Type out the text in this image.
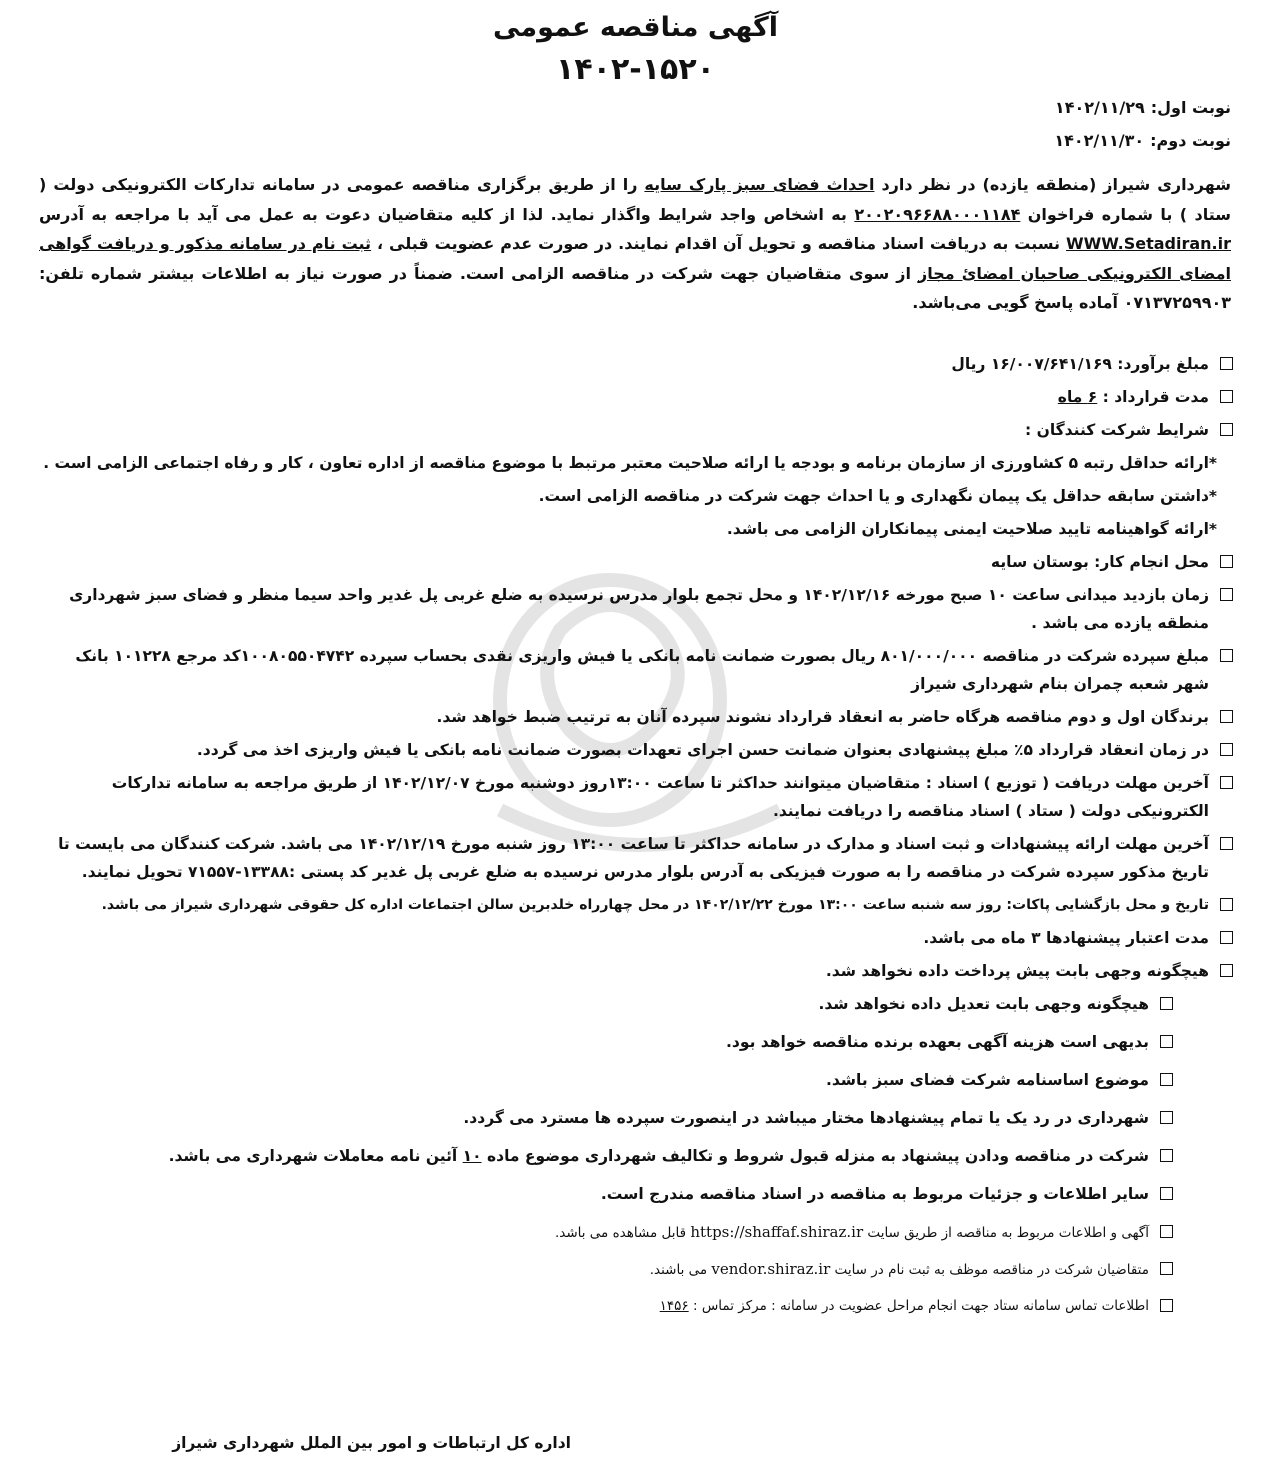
آگهی مناقصه عمومی
۱۴۰۲-۱۵۲۰
نوبت اول:۱۴۰۲/۱۱/۲۹
نوبت دوم:۱۴۰۲/۱۱/۳۰
شهرداری شیراز (منطقه یازده) در نظر دارد احداث فضای سبز پارک سایه را از طریق برگزاری مناقصه عمومی در سامانه تدارکات الکترونیکی دولت ( ستاد ) با شماره فراخوان ۲۰۰۲۰۹۶۶۸۸۰۰۰۱۱۸۴ به اشخاص واجد شرایط واگذار نماید. لذا از کلیه متقاضیان دعوت به عمل می آید با مراجعه به آدرس WWW.Setadiran.ir نسبت به دریافت اسناد مناقصه و تحویل آن اقدام نمایند. در صورت عدم عضویت قبلی ، ثبت نام در سامانه مذکور و دریافت گواهی امضای الکترونیکی صاحبان امضائ مجاز از سوی متقاضیان جهت شرکت در مناقصه الزامی است. ضمناً در صورت نیاز به اطلاعات بیشتر شماره تلفن: ۰۷۱۳۷۲۵۹۹۰۳ آماده پاسخ گویی می‌باشد.
مبلغ برآورد: ۱۶/۰۰۷/۶۴۱/۱۶۹ ریال
مدت قرارداد : ۶ ماه
شرایط شرکت کنندگان :
*ارائه حداقل رتبه ۵ کشاورزی از سازمان برنامه و بودجه یا ارائه صلاحیت معتبر مرتبط با موضوع مناقصه از اداره تعاون ، کار و رفاه اجتماعی الزامی است .
*داشتن سابقه حداقل یک پیمان نگهداری و یا احداث جهت شرکت در مناقصه الزامی است.
*ارائه گواهینامه تایید صلاحیت ایمنی پیمانکاران الزامی می باشد.
محل انجام کار: بوستان سایه
زمان بازدید میدانی ساعت ۱۰ صبح مورخه ۱۴۰۲/۱۲/۱۶ و محل تجمع بلوار مدرس نرسیده به ضلع غربی پل غدیر واحد سیما منظر و فضای سبز شهرداری منطقه یازده می باشد .
مبلغ سپرده شرکت در مناقصه ۸۰۱/۰۰۰/۰۰۰ ریال بصورت ضمانت نامه بانکی یا فیش واریزی نقدی بحساب سپرده ۱۰۰۸۰۵۵۰۴۷۴۲کد مرجع ۱۰۱۲۲۸ بانک شهر شعبه چمران بنام شهرداری شیراز
برندگان اول و دوم مناقصه هرگاه حاضر به انعقاد قرارداد نشوند سپرده آنان به ترتیب ضبط خواهد شد.
در زمان انعقاد قرارداد ۵٪ مبلغ پیشنهادی بعنوان ضمانت حسن اجرای تعهدات بصورت ضمانت نامه بانکی یا فیش واریزی اخذ می گردد.
آخرین مهلت دریافت ( توزیع ) اسناد : متقاضیان میتوانند حداکثر تا ساعت ۱۳:۰۰روز دوشنبه مورخ ۱۴۰۲/۱۲/۰۷ از طریق مراجعه به سامانه تدارکات الکترونیکی دولت ( ستاد ) اسناد مناقصه را دریافت نمایند.
آخرین مهلت ارائه پیشنهادات و ثبت اسناد و مدارک در سامانه حداکثر تا ساعت ۱۳:۰۰ روز شنبه مورخ ۱۴۰۲/۱۲/۱۹ می باشد. شرکت کنندگان می بایست تا تاریخ مذکور سپرده شرکت در مناقصه را به صورت فیزیکی به آدرس بلوار مدرس نرسیده به ضلع غربی پل غدیر کد پستی :۱۳۳۸۸-۷۱۵۵۷ تحویل نمایند.
تاریخ و محل بازگشایی پاکات: روز سه شنبه ساعت ۱۳:۰۰ مورخ ۱۴۰۲/۱۲/۲۲ در محل چهارراه خلدبرین سالن اجتماعات اداره کل حقوقی شهرداری شیراز می باشد.
مدت اعتبار پیشنهادها ۳ ماه می باشد.
هیچگونه وجهی بابت پیش پرداخت داده نخواهد شد.
هیچگونه وجهی بابت تعدیل داده نخواهد شد.
بدیهی است هزینه آگهی بعهده برنده مناقصه خواهد بود.
موضوع اساسنامه شرکت فضای سبز باشد.
شهرداری در رد یک یا تمام پیشنهادها مختار میباشد در اینصورت سپرده ها مسترد می گردد.
شرکت در مناقصه ودادن پیشنهاد به منزله قبول شروط و تکالیف شهرداری موضوع ماده ۱۰ آئین نامه معاملات شهرداری می باشد.
سایر اطلاعات و جزئیات مربوط به مناقصه در اسناد مناقصه مندرج است.
آگهی و اطلاعات مربوط به مناقصه از طریق سایت https://shaffaf.shiraz.ir قابل مشاهده می باشد.
متقاضیان شرکت در مناقصه موظف به ثبت نام در سایت vendor.shiraz.ir می باشند.
اطلاعات تماس سامانه ستاد جهت انجام مراحل عضویت در سامانه : مرکز تماس : ۱۴۵۶
اداره کل ارتباطات و امور بین الملل شهرداری شیراز
